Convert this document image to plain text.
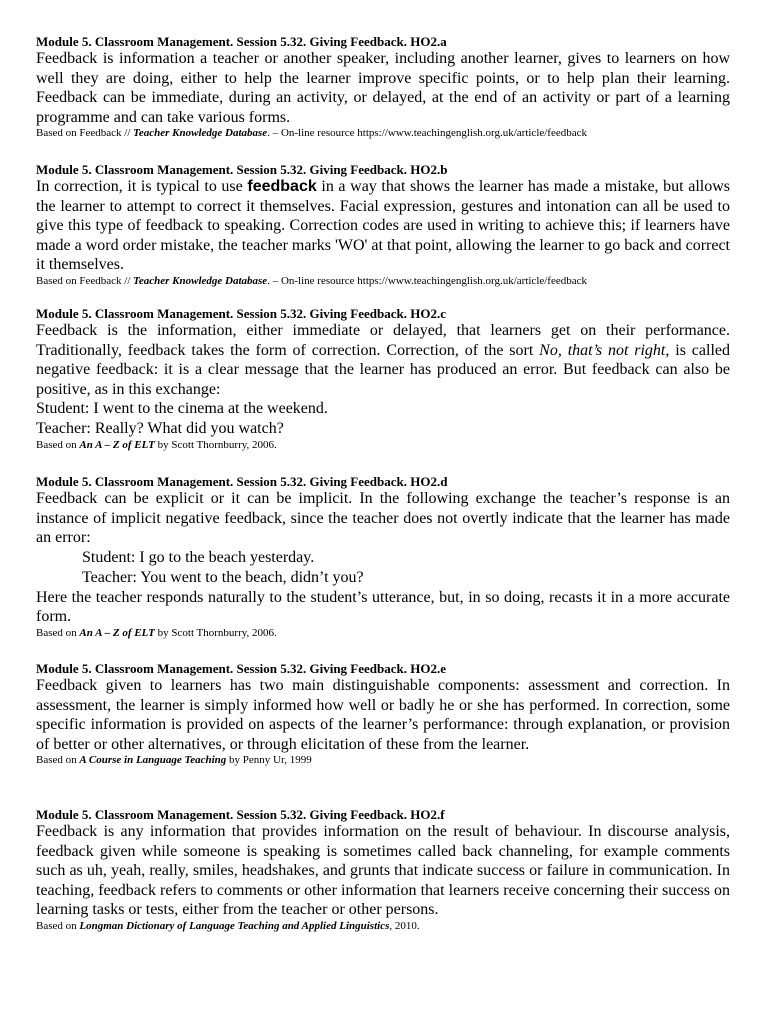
Module 5. Classroom Management. Session 5.32. Giving Feedback. HO2.a

Feedback is information a teacher or another speaker, including another learner, gives to learners on how well they are doing, either to help the learner improve specific points, or to help plan their learning. Feedback can be immediate, during an activity, or delayed, at the end of an activity or part of a learning programme and can take various forms.

Based on Feedback // Teacher Knowledge Database. – On-line resource https://www.teachingenglish.org.uk/article/feedback

Module 5. Classroom Management. Session 5.32. Giving Feedback. HO2.b

In correction, it is typical to use feedback in a way that shows the learner has made a mistake, but allows the learner to attempt to correct it themselves. Facial expression, gestures and intonation can all be used to give this type of feedback to speaking. Correction codes are used in writing to achieve this; if learners have made a word order mistake, the teacher marks 'WO' at that point, allowing the learner to go back and correct it themselves.

Based on Feedback // Teacher Knowledge Database. – On-line resource https://www.teachingenglish.org.uk/article/feedback

Module 5. Classroom Management. Session 5.32. Giving Feedback. HO2.c

Feedback is the information, either immediate or delayed, that learners get on their performance. Traditionally, feedback takes the form of correction. Correction, of the sort No, that’s not right, is called negative feedback: it is a clear message that the learner has produced an error. But feedback can also be positive, as in this exchange:

Student: I went to the cinema at the weekend.

Teacher: Really? What did you watch?

Based on An A – Z of ELT by Scott Thornburry, 2006.

Module 5. Classroom Management. Session 5.32. Giving Feedback. HO2.d

Feedback can be explicit or it can be implicit. In the following exchange the teacher’s response is an instance of implicit negative feedback, since the teacher does not overtly indicate that the learner has made an error:

Student: I go to the beach yesterday.

Teacher: You went to the beach, didn’t you?

Here the teacher responds naturally to the student’s utterance, but, in so doing, recasts it in a more accurate form.

Based on An A – Z of ELT by Scott Thornburry, 2006.

Module 5. Classroom Management. Session 5.32. Giving Feedback. HO2.e

Feedback given to learners has two main distinguishable components: assessment and correction. In assessment, the learner is simply informed how well or badly he or she has performed. In correction, some specific information is provided on aspects of the learner’s performance: through explanation, or provision of better or other alternatives, or through elicitation of these from the learner.

Based on A Course in Language Teaching by Penny Ur, 1999

Module 5. Classroom Management. Session 5.32. Giving Feedback. HO2.f

Feedback is any information that provides information on the result of behaviour. In discourse analysis, feedback given while someone is speaking is sometimes called back channeling, for example comments such as uh, yeah, really, smiles, headshakes, and grunts that indicate success or failure in communication. In teaching, feedback refers to comments or other information that learners receive concerning their success on learning tasks or tests, either from the teacher or other persons.

Based on Longman Dictionary of Language Teaching and Applied Linguistics, 2010.
